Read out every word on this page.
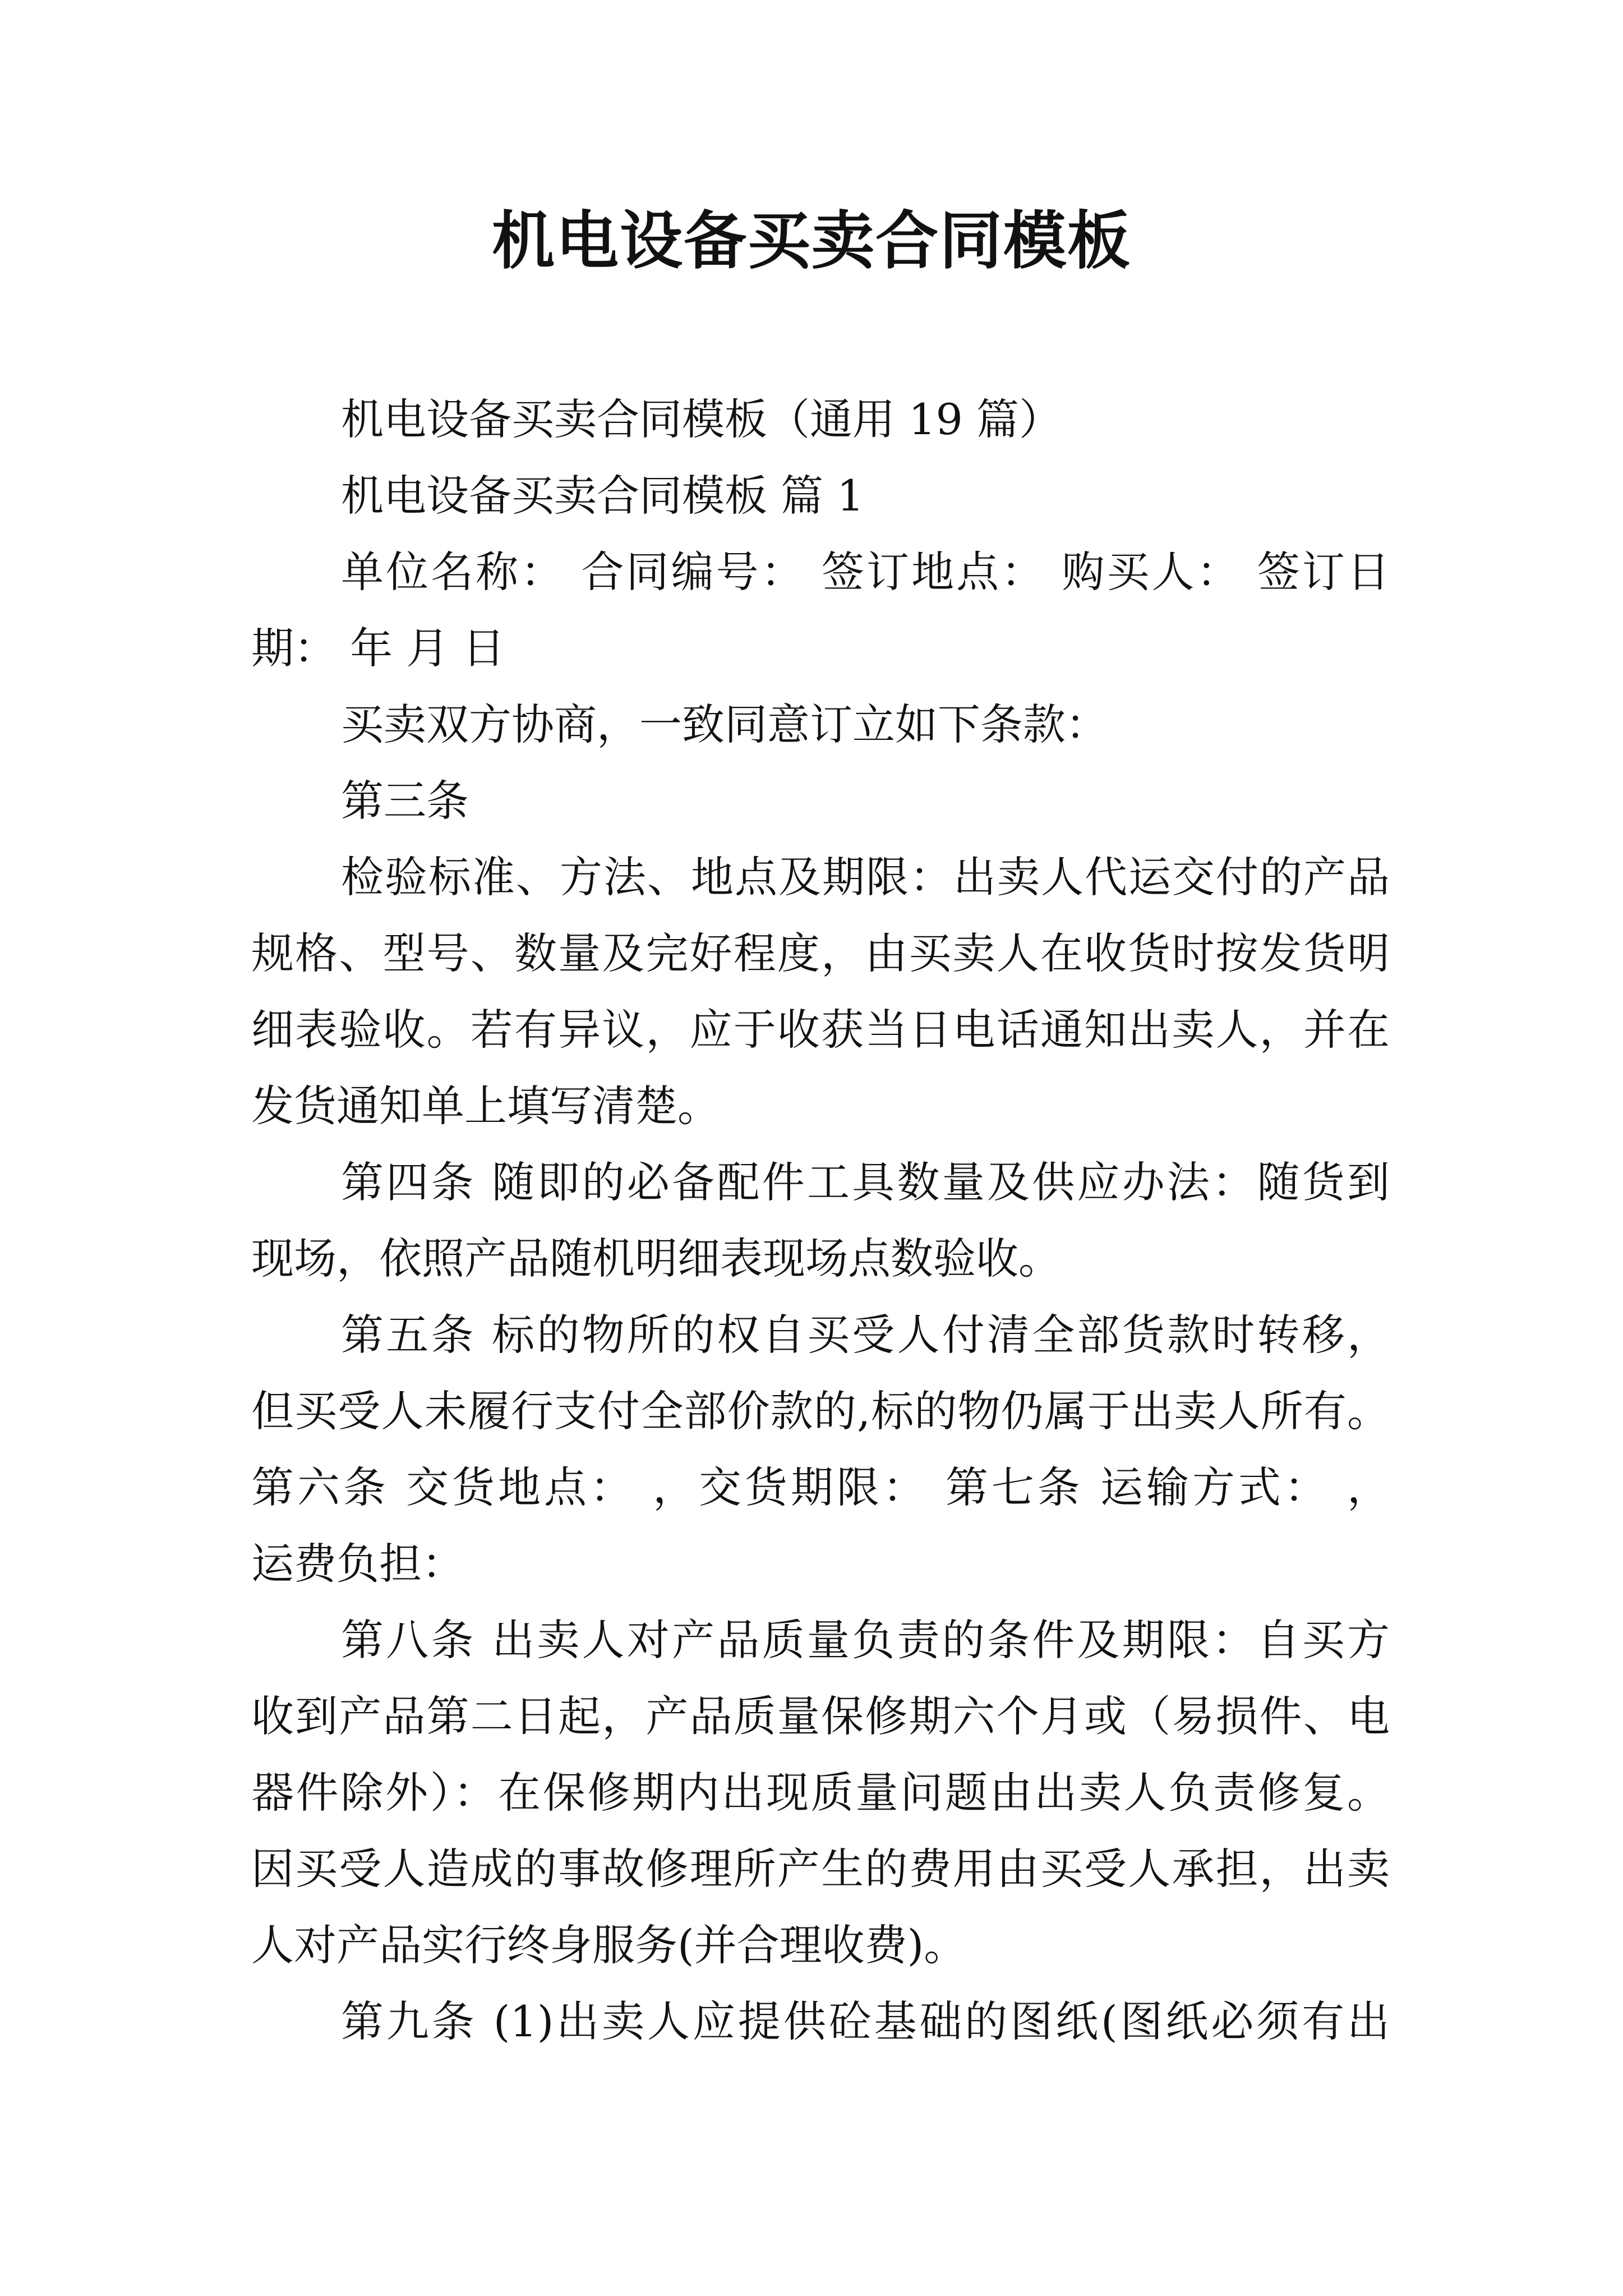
机电设备买卖合同模板
机电设备买卖合同模板（通用 19 篇）
机电设备买卖合同模板 篇 1
单位名称： 合同编号： 签订地点： 购买人： 签订日
期： 年 月 日
买卖双方协商，一致同意订立如下条款：
第三条
检验标准、方法、地点及期限：出卖人代运交付的产品
规格、型号、数量及完好程度，由买卖人在收货时按发货明
细表验收。若有异议，应于收获当日电话通知出卖人，并在
发货通知单上填写清楚。
第四条 随即的必备配件工具数量及供应办法：随货到
现场，依照产品随机明细表现场点数验收。
第五条 标的物所的权自买受人付清全部货款时转移，
但买受人未履行支付全部价款的,标的物仍属于出卖人所有。
第六条 交货地点： ，交货期限： 第七条 运输方式： ，
运费负担：
第八条 出卖人对产品质量负责的条件及期限：自买方
收到产品第二日起，产品质量保修期六个月或（易损件、电
器件除外）：在保修期内出现质量问题由出卖人负责修复。
因买受人造成的事故修理所产生的费用由买受人承担，出卖
人对产品实行终身服务(并合理收费)。
第九条 (1)出卖人应提供砼基础的图纸(图纸必须有出
